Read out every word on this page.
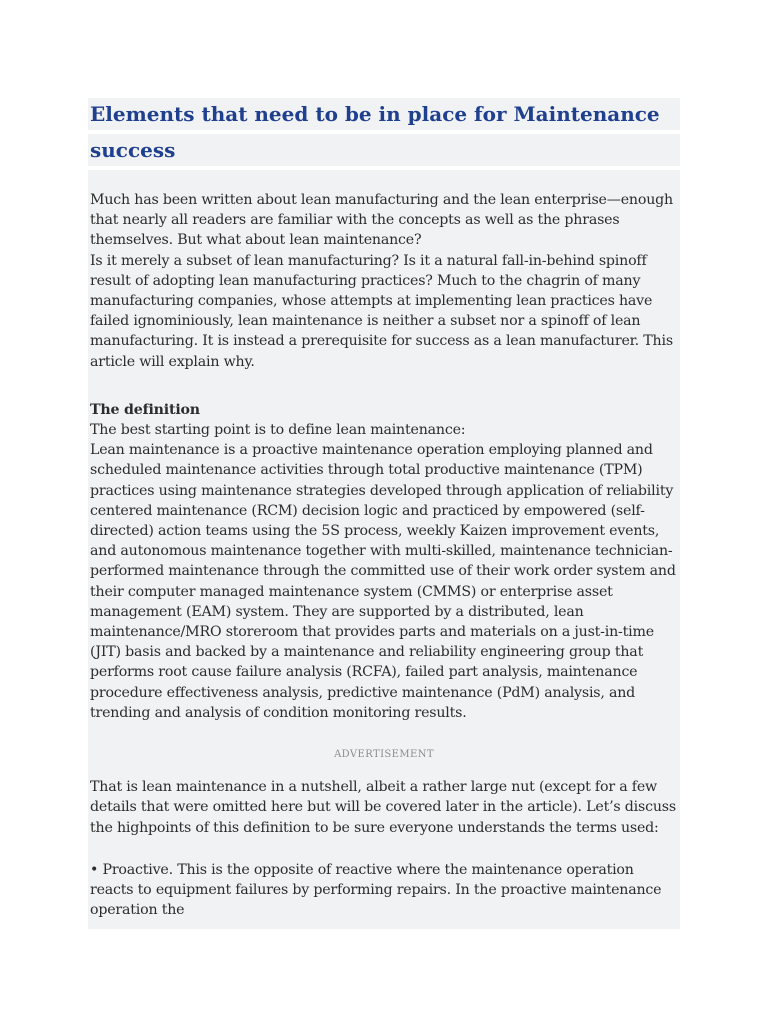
Elements that need to be in place for Maintenance
success

Much has been written about lean manufacturing and the lean enterprise—enough that nearly all readers are familiar with the concepts as well as the phrases themselves. But what about lean maintenance?

Is it merely a subset of lean manufacturing? Is it a natural fall-in-behind spinoff result of adopting lean manufacturing practices? Much to the chagrin of many manufacturing companies, whose attempts at implementing lean practices have failed ignominiously, lean maintenance is neither a subset nor a spinoff of lean manufacturing. It is instead a prerequisite for success as a lean manufacturer. This article will explain why.

The definition

The best starting point is to define lean maintenance:

Lean maintenance is a proactive maintenance operation employing planned and scheduled maintenance activities through total productive maintenance (TPM) practices using maintenance strategies developed through application of reliability centered maintenance (RCM) decision logic and practiced by empowered (self-directed) action teams using the 5S process, weekly Kaizen improvement events, and autonomous maintenance together with multi-skilled, maintenance technician-performed maintenance through the committed use of their work order system and their computer managed maintenance system (CMMS) or enterprise asset management (EAM) system. They are supported by a distributed, lean maintenance/MRO storeroom that provides parts and materials on a just-in-time (JIT) basis and backed by a maintenance and reliability engineering group that performs root cause failure analysis (RCFA), failed part analysis, maintenance procedure effectiveness analysis, predictive maintenance (PdM) analysis, and trending and analysis of condition monitoring results.

ADVERTISEMENT

That is lean maintenance in a nutshell, albeit a rather large nut (except for a few details that were omitted here but will be covered later in the article). Let’s discuss the highpoints of this definition to be sure everyone understands the terms used:

• Proactive. This is the opposite of reactive where the maintenance operation reacts to equipment failures by performing repairs. In the proactive maintenance operation the
